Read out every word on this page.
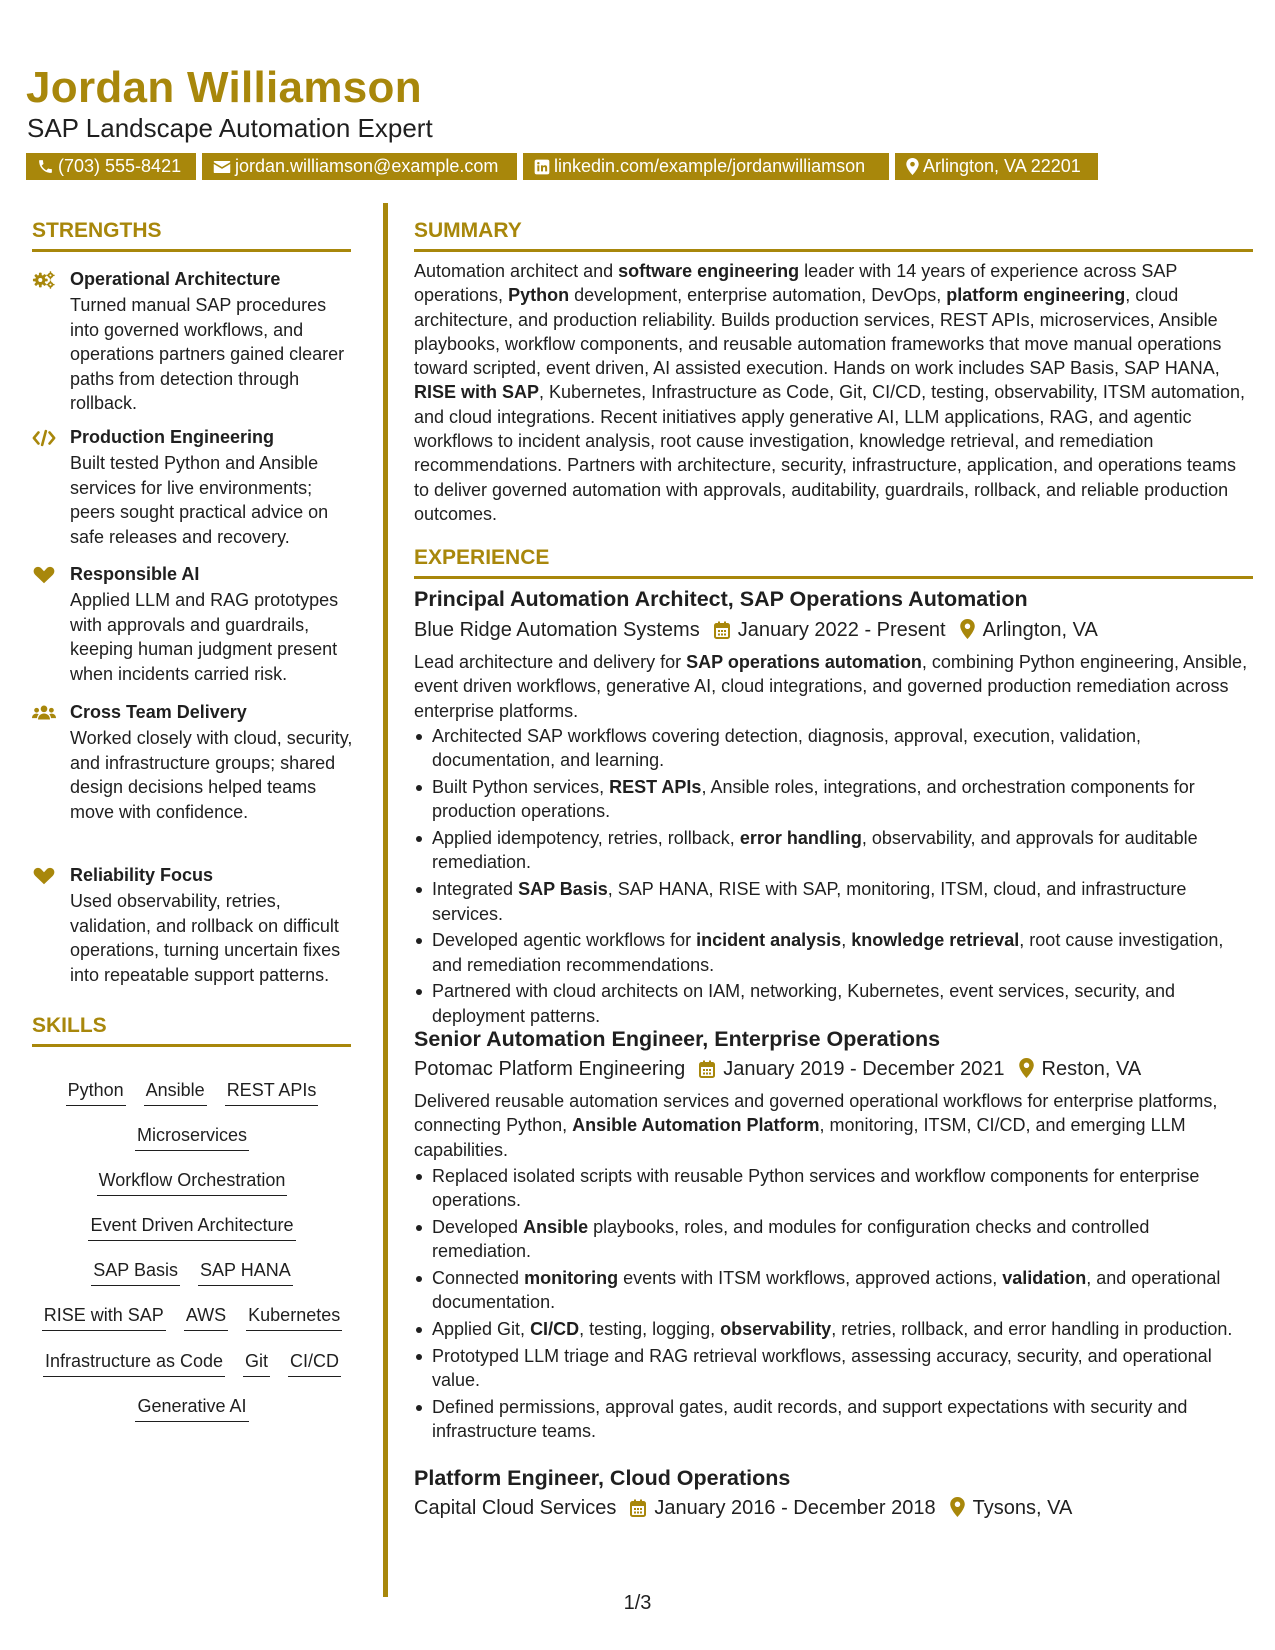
Jordan Williamson
SAP Landscape Automation Expert
(703) 555-8421	jordan.williamson@example.com	linkedin.com/example/jordanwilliamson	Arlington, VA 22201
STRENGTHS
Operational Architecture
Turned manual SAP procedures into governed workflows, and operations partners gained clearer paths from detection through rollback.
Production Engineering
Built tested Python and Ansible services for live environments; peers sought practical advice on safe releases and recovery.
Responsible AI
Applied LLM and RAG prototypes with approvals and guardrails, keeping human judgment present when incidents carried risk.
Cross Team Delivery
Worked closely with cloud, security, and infrastructure groups; shared design decisions helped teams move with confidence.
Reliability Focus
Used observability, retries, validation, and rollback on difficult operations, turning uncertain fixes into repeatable support patterns.
SKILLS
Python Ansible REST APIs
Microservices
Workflow Orchestration
Event Driven Architecture
SAP Basis SAP HANA
RISE with SAP AWS Kubernetes
Infrastructure as Code Git CI/CD
Generative AI
SUMMARY

Automation architect and software engineering leader with 14 years of experience across SAP operations, Python development, enterprise automation, DevOps, platform engineering, cloud architecture, and production reliability. Builds production services, REST APIs, microservices, Ansible playbooks, workflow components, and reusable automation frameworks that move manual operations toward scripted, event driven, AI assisted execution. Hands on work includes SAP Basis, SAP HANA, RISE with SAP, Kubernetes, Infrastructure as Code, Git, CI/CD, testing, observability, ITSM automation, and cloud integrations. Recent initiatives apply generative AI, LLM applications, RAG, and agentic workflows to incident analysis, root cause investigation, knowledge retrieval, and remediation recommendations. Partners with architecture, security, infrastructure, application, and operations teams to deliver governed automation with approvals, auditability, guardrails, rollback, and reliable production outcomes.

EXPERIENCE
Principal Automation Architect, SAP Operations Automation
Blue Ridge Automation Systems January 2022 - Present Arlington, VA

Lead architecture and delivery for SAP operations automation, combining Python engineering, Ansible, event driven workflows, generative AI, cloud integrations, and governed production remediation across enterprise platforms.

Architected SAP workflows covering detection, diagnosis, approval, execution, validation, documentation, and learning.
Built Python services, REST APIs, Ansible roles, integrations, and orchestration components for production operations.
Applied idempotency, retries, rollback, error handling, observability, and approvals for auditable remediation.
Integrated SAP Basis, SAP HANA, RISE with SAP, monitoring, ITSM, cloud, and infrastructure services.
Developed agentic workflows for incident analysis, knowledge retrieval, root cause investigation, and remediation recommendations.
Partnered with cloud architects on IAM, networking, Kubernetes, event services, security, and deployment patterns.
Senior Automation Engineer, Enterprise Operations
Potomac Platform Engineering January 2019 - December 2021 Reston, VA

Delivered reusable automation services and governed operational workflows for enterprise platforms, connecting Python, Ansible Automation Platform, monitoring, ITSM, CI/CD, and emerging LLM capabilities.

Replaced isolated scripts with reusable Python services and workflow components for enterprise operations.
Developed Ansible playbooks, roles, and modules for configuration checks and controlled remediation.
Connected monitoring events with ITSM workflows, approved actions, validation, and operational documentation.
Applied Git, CI/CD, testing, logging, observability, retries, rollback, and error handling in production.
Prototyped LLM triage and RAG retrieval workflows, assessing accuracy, security, and operational value.
Defined permissions, approval gates, audit records, and support expectations with security and infrastructure teams.
Platform Engineer, Cloud Operations
Capital Cloud Services January 2016 - December 2018 Tysons, VA
1/3
